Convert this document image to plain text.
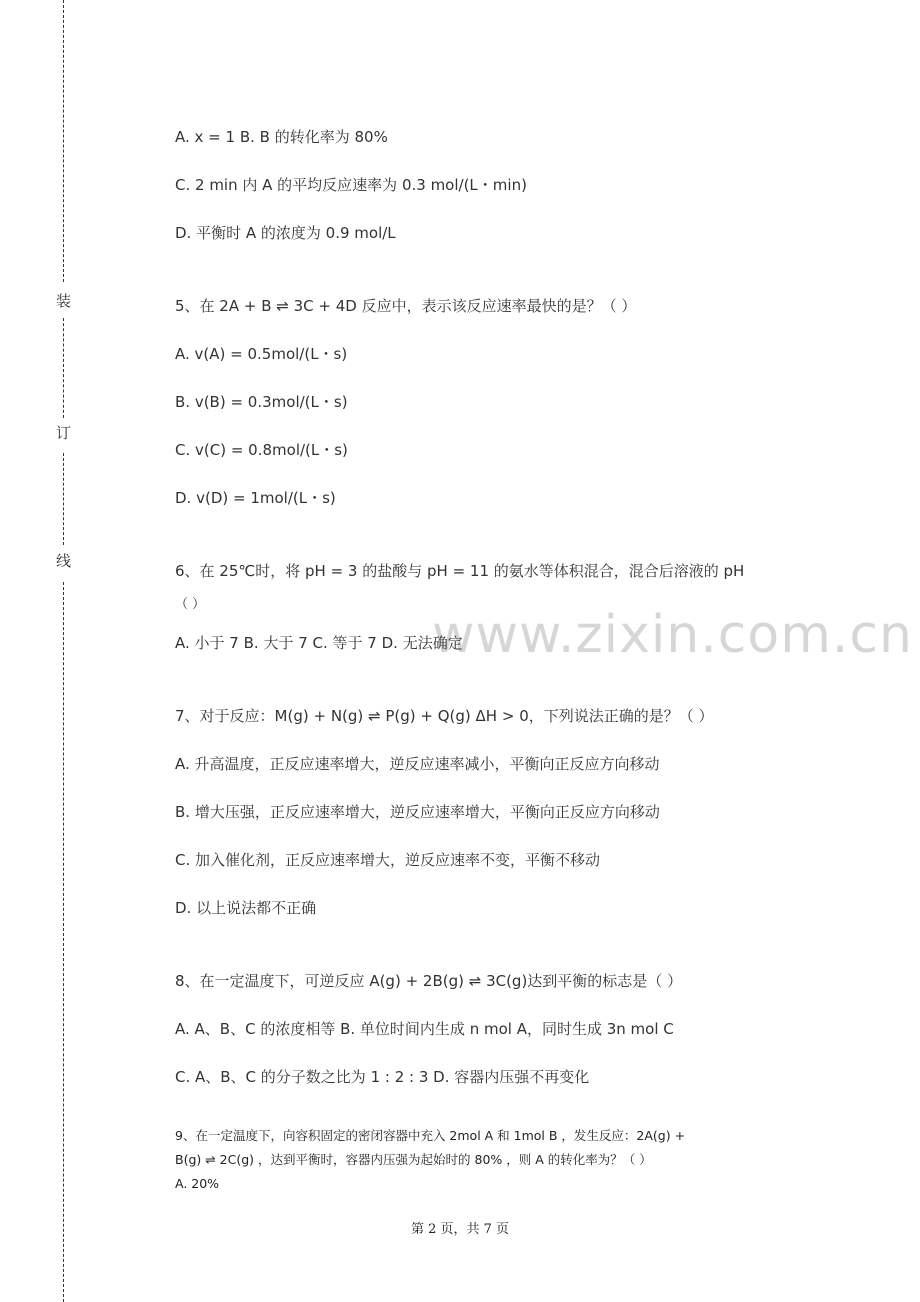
装
订
线
www.zixin.com.cn
A. x = 1 B. B 的转化率为 80%
C. 2 min 内 A 的平均反应速率为 0.3 mol/(L・min)
D. 平衡时 A 的浓度为 0.9 mol/L
5、在 2A + B ⇌ 3C + 4D 反应中，表示该反应速率最快的是？（ ）
A. v(A) = 0.5mol/(L・s)
B. v(B) = 0.3mol/(L・s)
C. v(C) = 0.8mol/(L・s)
D. v(D) = 1mol/(L・s)
6、在 25℃时，将 pH = 3 的盐酸与 pH = 11 的氨水等体积混合，混合后溶液的 pH
（ ）
A. 小于 7 B. 大于 7 C. 等于 7 D. 无法确定
7、对于反应：M(g) + N(g) ⇌ P(g) + Q(g) ΔH > 0，下列说法正确的是？（ ）
A. 升高温度，正反应速率增大，逆反应速率减小，平衡向正反应方向移动
B. 增大压强，正反应速率增大，逆反应速率增大，平衡向正反应方向移动
C. 加入催化剂，正反应速率增大，逆反应速率不变，平衡不移动
D. 以上说法都不正确
8、在一定温度下，可逆反应 A(g) + 2B(g) ⇌ 3C(g)达到平衡的标志是（ ）
A. A、B、C 的浓度相等 B. 单位时间内生成 n mol A，同时生成 3n mol C
C. A、B、C 的分子数之比为 1 : 2 : 3 D. 容器内压强不再变化
9、在一定温度下，向容积固定的密闭容器中充入 2mol A 和 1mol B ，发生反应：2A(g) +
B(g) ⇌ 2C(g) ，达到平衡时，容器内压强为起始时的 80% ，则 A 的转化率为？（ ）
A. 20%
第 2 页，共 7 页
